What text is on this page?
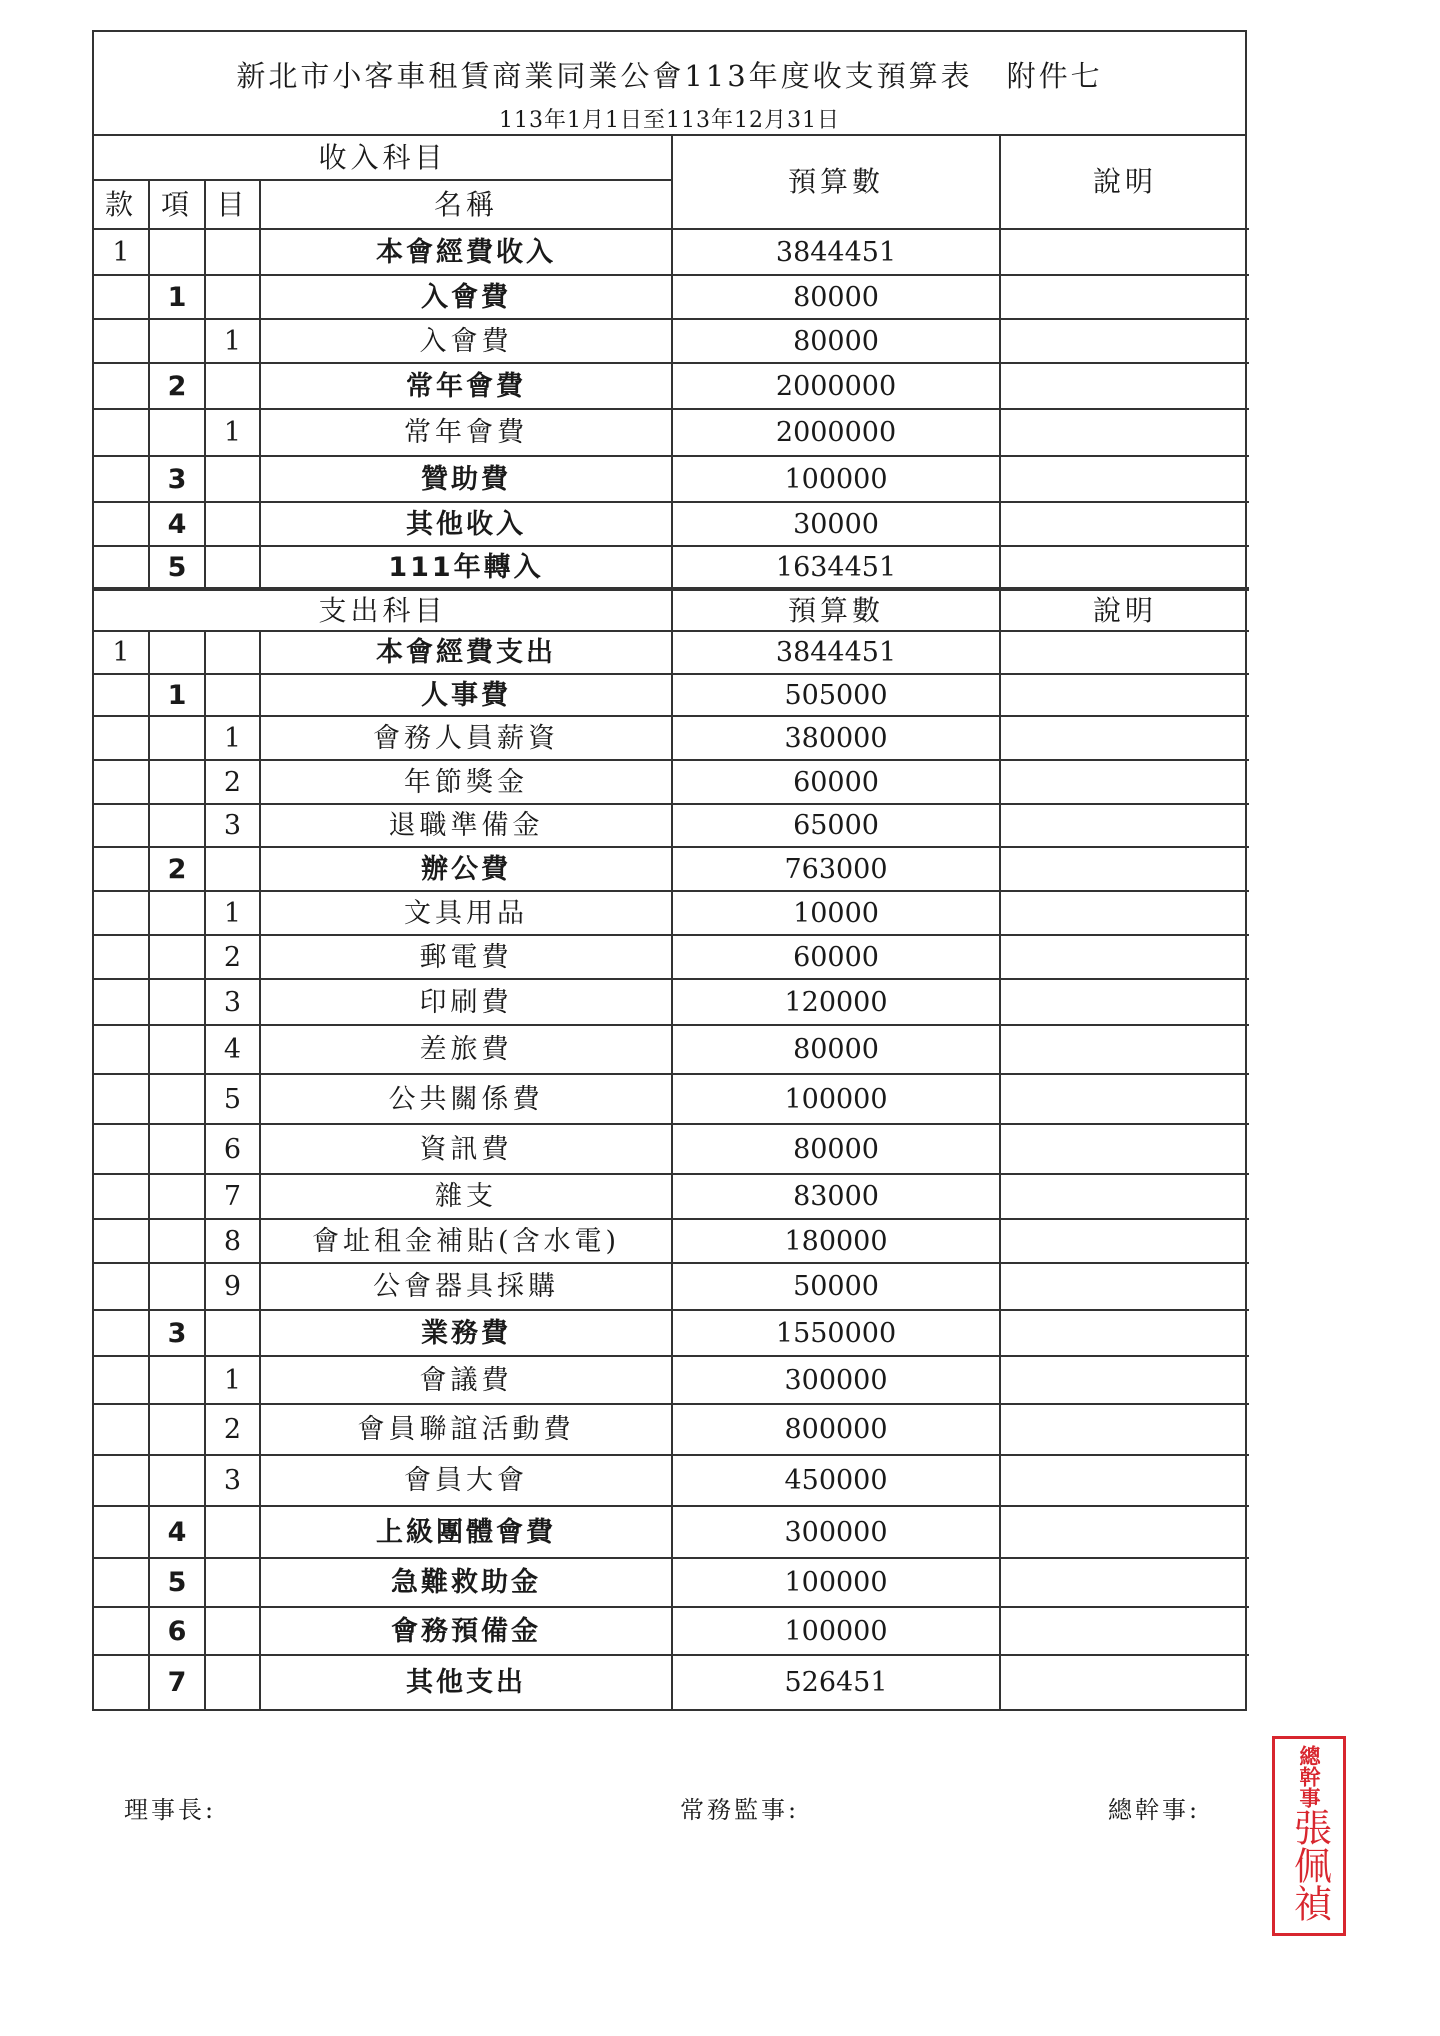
新北市小客車租賃商業同業公會113年度收支預算表 附件七
113年1月1日至113年12月31日
收入科目				預算數	說明
款	項	目	名稱		
1			本會經費收入	3844451	
	1		入會費	80000	
		1	入會費	80000	
	2		常年會費	2000000	
		1	常年會費	2000000	
	3		贊助費	100000	
	4		其他收入	30000	
	5		111年轉入	1634451	
支出科目				預算數	說明
1			本會經費支出	3844451	
	1		人事費	505000	
		1	會務人員薪資	380000	
		2	年節獎金	60000	
		3	退職準備金	65000	
	2		辦公費	763000	
		1	文具用品	10000	
		2	郵電費	60000	
		3	印刷費	120000	
		4	差旅費	80000	
		5	公共關係費	100000	
		6	資訊費	80000	
		7	雜支	83000	
		8	會址租金補貼(含水電)	180000	
		9	公會器具採購	50000	
	3		業務費	1550000	
		1	會議費	300000	
		2	會員聯誼活動費	800000	
		3	會員大會	450000	
	4		上級團體會費	300000	
	5		急難救助金	100000	
	6		會務預備金	100000	
	7		其他支出	526451	
理事長:	常務監事:	總幹事:
總幹事
張佩禎
